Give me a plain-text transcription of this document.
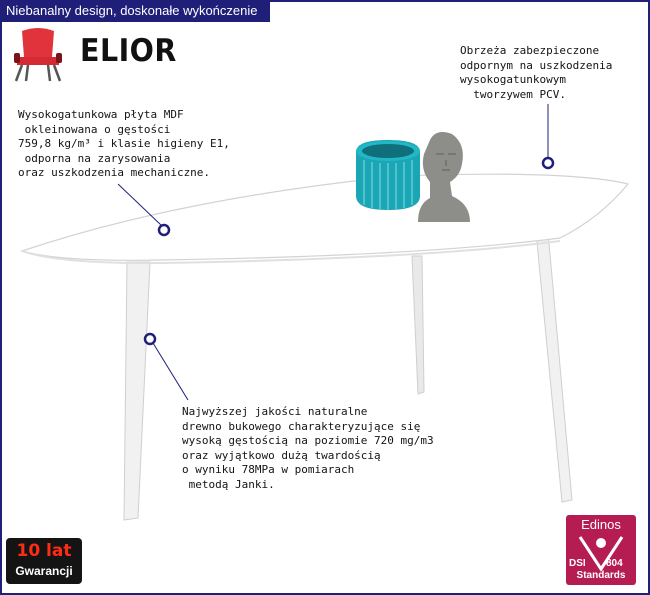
Niebanalny design, doskonałe wykończenie
ELIOR
Wysokogatunkowa płyta MDF
okleinowana o gęstości
759,8 kg/m³ i klasie higieny E1,
odporna na zarysowania
oraz uszkodzenia mechaniczne.
Obrzeża zabezpieczone
odpornym na uszkodzenia
wysokogatunkowym
tworzywem PCV.
Najwyższej jakości naturalne
drewno bukowego charakteryzujące się
wysoką gęstością na poziomie 720 mg/m3
oraz wyjątkowo dużą twardością
o wyniku 78MPa w pomiarach
metodą Janki.
10 lat
Gwarancji
Edinos
DSI 804
Standards
